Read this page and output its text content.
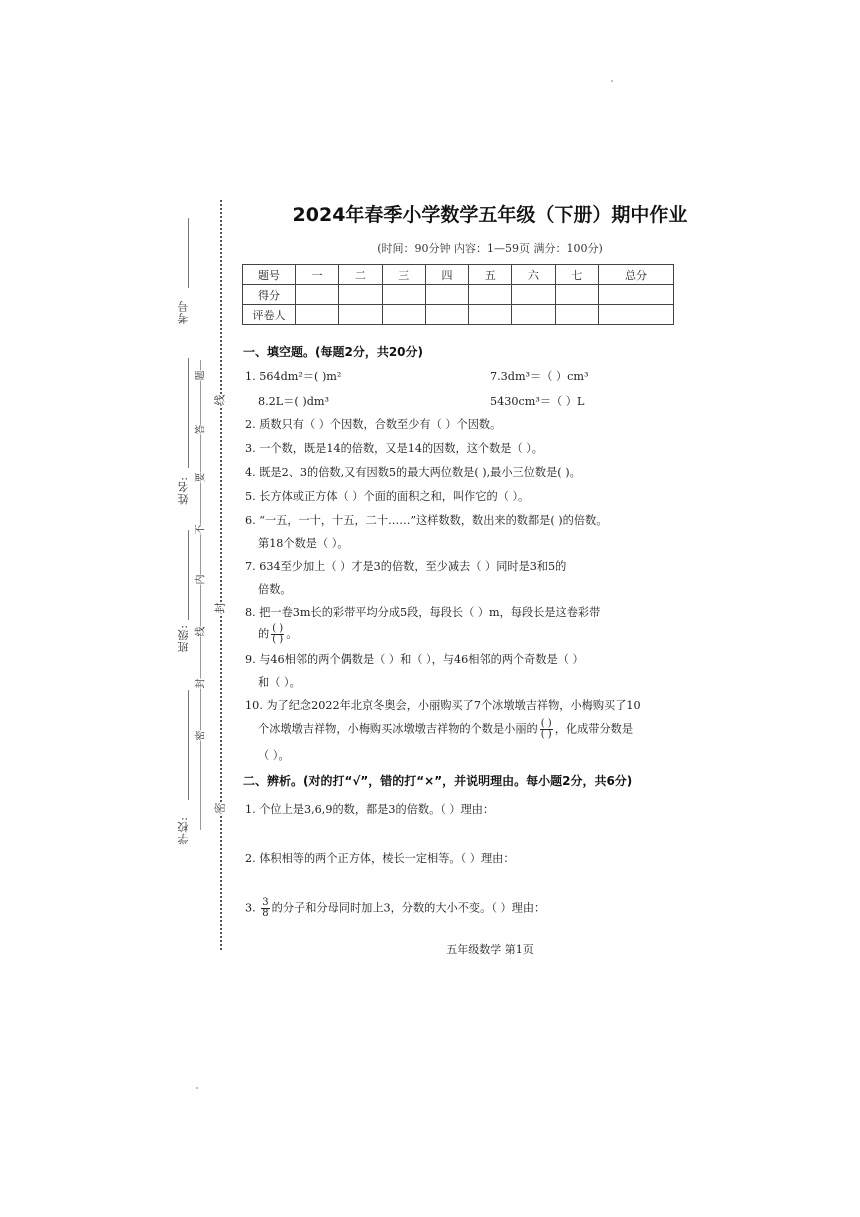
考号
姓名:
班级:
学校:
题
答
要
不
内
线
封
密
线
封
密
2024年春季小学数学五年级（下册）期中作业
(时间：90分钟 内容：1—59页 满分：100分)
题号	一	二	三	四	五	六	七	总分
得分								
评卷人								
一、填空题。(每题2分，共20分)
1. 564dm²＝( )m²	7.3dm³＝（ ）cm³
8.2L＝( )dm³	5430cm³＝（ ）L
2. 质数只有（ ）个因数，合数至少有（ ）个因数。
3. 一个数，既是14的倍数，又是14的因数，这个数是（ ）。
4. 既是2、3的倍数,又有因数5的最大两位数是( ),最小三位数是( )。
5. 长方体或正方体（ ）个面的面积之和，叫作它的（ ）。
6. “一五，一十，十五，二十……”这样数数，数出来的数都是( )的倍数。
第18个数是（ ）。
7. 634至少加上（ ）才是3的倍数，至少减去（ ）同时是3和5的
倍数。
8. 把一卷3m长的彩带平均分成5段，每段长（ ）m，每段长是这卷彩带
的 $\frac{( )}{( )}$ 。
9. 与46相邻的两个偶数是（ ）和（ ），与46相邻的两个奇数是（ ）
和（ ）。
10. 为了纪念2022年北京冬奥会，小丽购买了7个冰墩墩吉祥物，小梅购买了10
个冰墩墩吉祥物，小梅购买冰墩墩吉祥物的个数是小丽的 $\frac{( )}{( )}$ ，化成带分数是
（ ）。
二、辨析。(对的打“√”，错的打“×”，并说明理由。每小题2分，共6分)
1. 个位上是3,6,9的数，都是3的倍数。（ ）理由：
2. 体积相等的两个正方体，棱长一定相等。（ ）理由：
3. $\frac{3}{8}$ 的分子和分母同时加上3，分数的大小不变。（ ）理由：
五年级数学 第1页
